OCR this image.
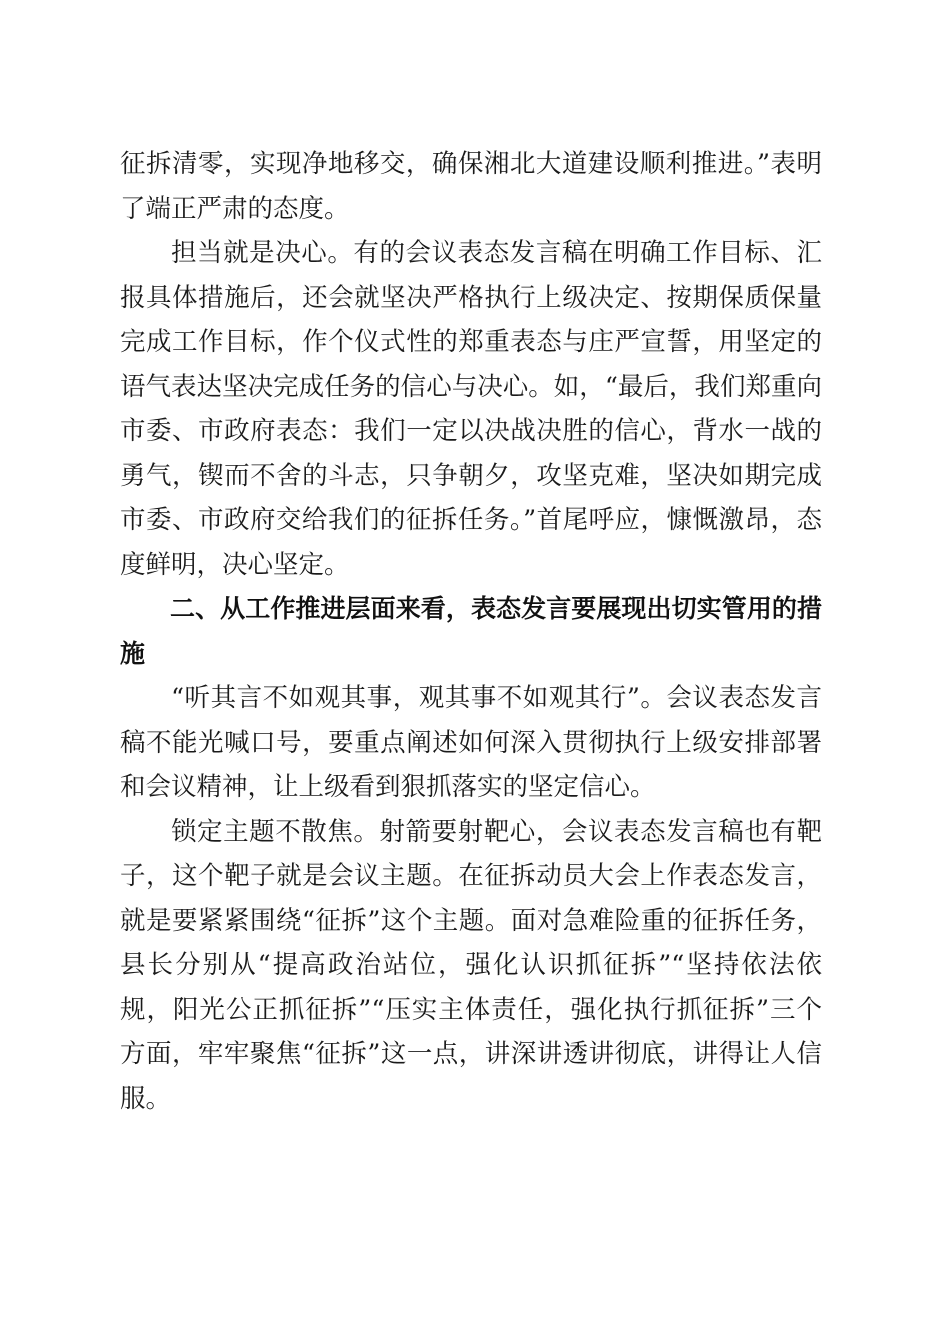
征拆清零，实现净地移交，确保湘北大道建设顺利推进。”表明了端正严肃的态度。

担当就是决心。有的会议表态发言稿在明确工作目标、汇报具体措施后，还会就坚决严格执行上级决定、按期保质保量完成工作目标，作个仪式性的郑重表态与庄严宣誓，用坚定的语气表达坚决完成任务的信心与决心。如，“最后，我们郑重向市委、市政府表态：我们一定以决战决胜的信心，背水一战的勇气，锲而不舍的斗志，只争朝夕，攻坚克难，坚决如期完成市委、市政府交给我们的征拆任务。”首尾呼应，慷慨激昂，态度鲜明，决心坚定。

二、从工作推进层面来看，表态发言要展现出切实管用的措施

“听其言不如观其事，观其事不如观其行”。会议表态发言稿不能光喊口号，要重点阐述如何深入贯彻执行上级安排部署和会议精神，让上级看到狠抓落实的坚定信心。

锁定主题不散焦。射箭要射靶心，会议表态发言稿也有靶子，这个靶子就是会议主题。在征拆动员大会上作表态发言，就是要紧紧围绕“征拆”这个主题。面对急难险重的征拆任务，县长分别从“提高政治站位，强化认识抓征拆”“坚持依法依规，阳光公正抓征拆”“压实主体责任，强化执行抓征拆”三个方面，牢牢聚焦“征拆”这一点，讲深讲透讲彻底，讲得让人信服。
